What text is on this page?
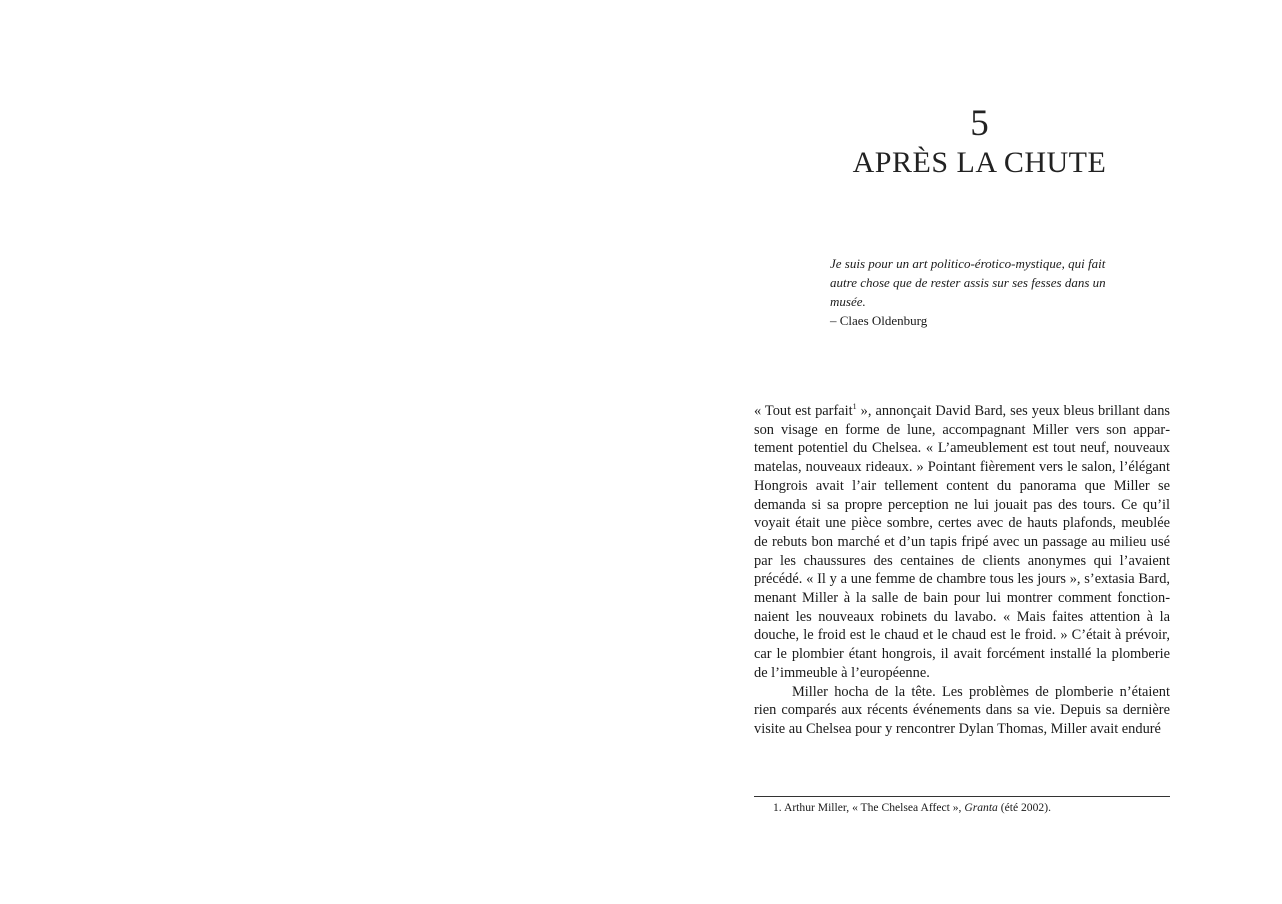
5
APRÈS LA CHUTE

Je suis pour un art politico-érotico-mystique, qui fait autre chose que de rester assis sur ses fesses dans un musée.

– Claes Oldenburg

« Tout est parfait$^1$ », annonçait David Bard, ses yeux bleus brillant dans son visage en forme de lune, accompagnant Miller vers son appartement potentiel du Chelsea. « L’ameublement est tout neuf, nouveaux matelas, nouveaux rideaux. » Pointant fièrement vers le salon, l’élégant Hongrois avait l’air tellement content du panorama que Miller se demanda si sa propre perception ne lui jouait pas des tours. Ce qu’il voyait était une pièce sombre, certes avec de hauts plafonds, meublée de rebuts bon marché et d’un tapis fripé avec un passage au milieu usé par les chaussures des centaines de clients anonymes qui l’avaient précédé. « Il y a une femme de chambre tous les jours », s’extasia Bard, menant Miller à la salle de bain pour lui montrer comment fonctionnaient les nouveaux robinets du lavabo. « Mais faites attention à la douche, le froid est le chaud et le chaud est le froid. » C’était à prévoir, car le plombier étant hongrois, il avait forcément installé la plomberie de l’immeuble à l’européenne.

Miller hocha de la tête. Les problèmes de plomberie n’étaient rien comparés aux récents événements dans sa vie. Depuis sa dernière visite au Chelsea pour y rencontrer Dylan Thomas, Miller avait enduré

1. Arthur Miller, « The Chelsea Affect », Granta (été 2002).
